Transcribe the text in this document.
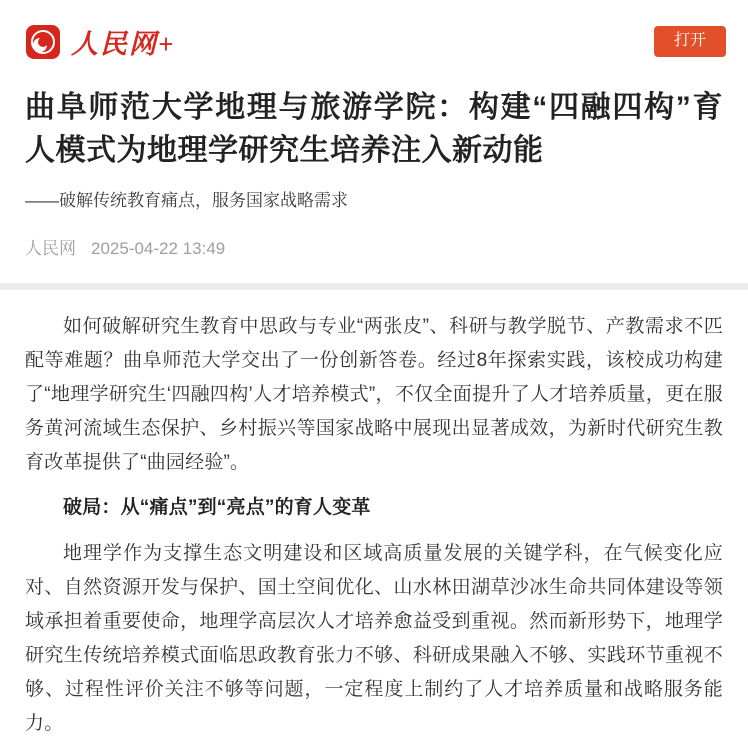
人民网+	打开
曲阜师范大学地理与旅游学院：构建“四融四构”育人模式为地理学研究生培养注入新动能
——破解传统教育痛点，服务国家战略需求
人民网 2025-04-22 13:49

如何破解研究生教育中思政与专业“两张皮”、科研与教学脱节、产教需求不匹配等难题？曲阜师范大学交出了一份创新答卷。经过8年探索实践，该校成功构建了“地理学研究生‘四融四构’人才培养模式”，不仅全面提升了人才培养质量，更在服务黄河流域生态保护、乡村振兴等国家战略中展现出显著成效，为新时代研究生教育改革提供了“曲园经验”。

破局：从“痛点”到“亮点”的育人变革

地理学作为支撑生态文明建设和区域高质量发展的关键学科，在气候变化应对、自然资源开发与保护、国土空间优化、山水林田湖草沙冰生命共同体建设等领域承担着重要使命，地理学高层次人才培养愈益受到重视。然而新形势下，地理学研究生传统培养模式面临思政教育张力不够、科研成果融入不够、实践环节重视不够、过程性评价关注不够等问题，一定程度上制约了人才培养质量和战略服务能力。
